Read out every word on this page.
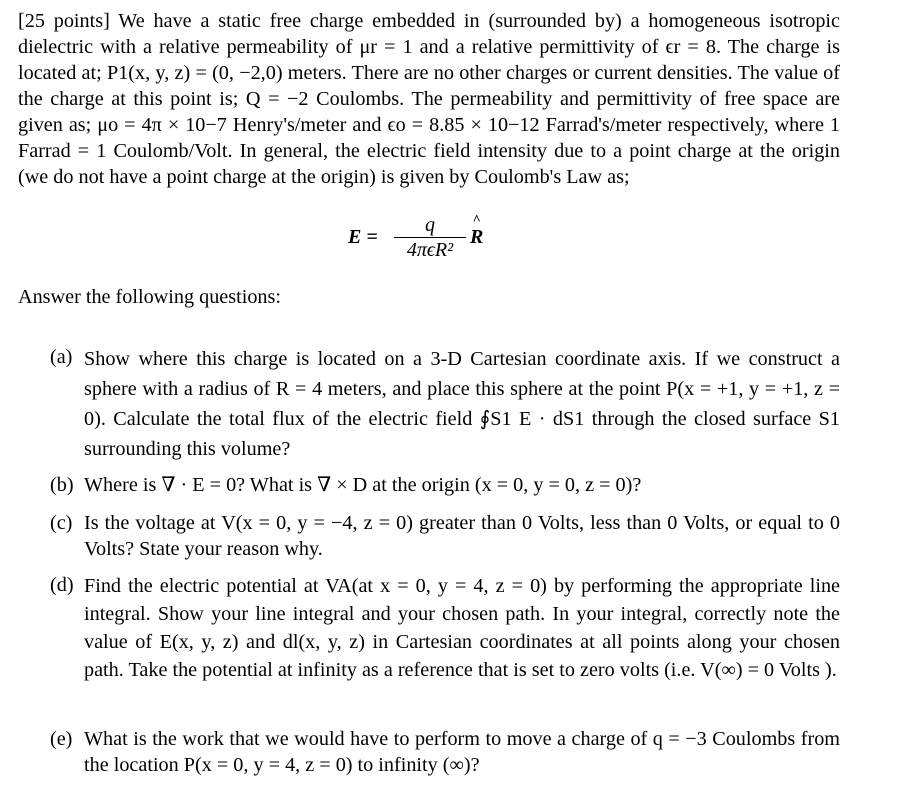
[25 points] We have a static free charge embedded in (surrounded by) a homogeneous isotropic dielectric with a relative permeability of μr = 1 and a relative permittivity of ϵr = 8. The charge is located at; P1(x, y, z) = (0, −2,0) meters. There are no other charges or current densities. The value of the charge at this point is; Q = −2 Coulombs. The permeability and permittivity of free space are given as; μo = 4π × 10−7 Henry's/meter and ϵo = 8.85 × 10−12 Farrad's/meter respectively, where 1 Farrad = 1 Coulomb/Volt. In general, the electric field intensity due to a point charge at the origin (we do not have a point charge at the origin) is given by Coulomb's Law as;
E =
q
4πϵR²
^ R
Answer the following questions:
(a) Show where this charge is located on a 3-D Cartesian coordinate axis. If we construct a sphere with a radius of R = 4 meters, and place this sphere at the point P(x = +1, y = +1, z = 0). Calculate the total flux of the electric field ∮S1 E · dS1 through the closed surface S1 surrounding this volume?
(b) Where is ∇ · E = 0? What is ∇ × D at the origin (x = 0, y = 0, z = 0)?
(c) Is the voltage at V(x = 0, y = −4, z = 0) greater than 0 Volts, less than 0 Volts, or equal to 0 Volts? State your reason why.
(d) Find the electric potential at VA(at x = 0, y = 4, z = 0) by performing the appropriate line integral. Show your line integral and your chosen path. In your integral, correctly note the value of E(x, y, z) and dl(x, y, z) in Cartesian coordinates at all points along your chosen path. Take the potential at infinity as a reference that is set to zero volts (i.e. V(∞) = 0 Volts ).
(e) What is the work that we would have to perform to move a charge of q = −3 Coulombs from the location P(x = 0, y = 4, z = 0) to infinity (∞)?
